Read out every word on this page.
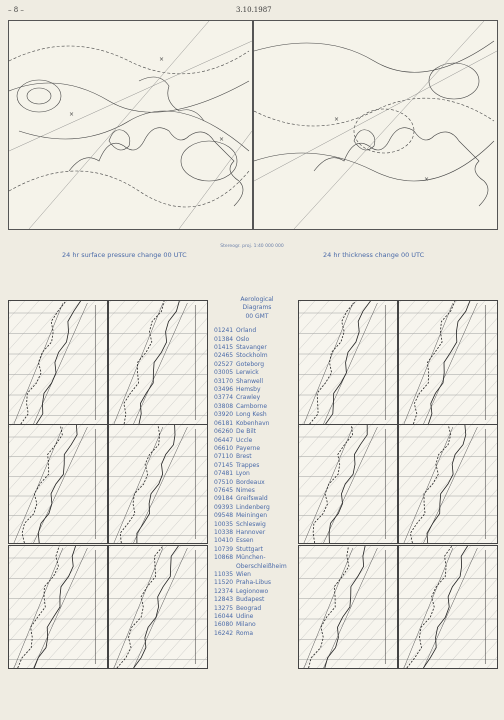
– 8 –	3.10.1987
×
×
×
×
×
Stereogr. proj. 1:40 000 000
24 hr surface pressure change 00 UTC	24 hr thickness change 00 UTC
Aerological
Diagrams
00 GMT
01241 Orland
01384 Oslo
01415 Stavanger
02465 Stockholm
02527 Goteborg
03005 Lerwick
03170 Shanwell
03496 Hemsby
03774 Crawley
03808 Camborne
03920 Long Kesh
06181 Kobenhavn
06260 De Bilt
06447 Uccle
06610 Payerne
07110 Brest
07145 Trappes
07481 Lyon
07510 Bordeaux
07645 Nimes
09184 Greifswald
09393 Lindenberg
09548 Meiningen
10035 Schleswig
10338 Hannover
10410 Essen
10739 Stuttgart
10868 München-
Oberschleißheim
11035 Wien
11520 Praha-Libus
12374 Legionowo
12843 Budapest
13275 Beograd
16044 Udine
16080 Milano
16242 Roma
